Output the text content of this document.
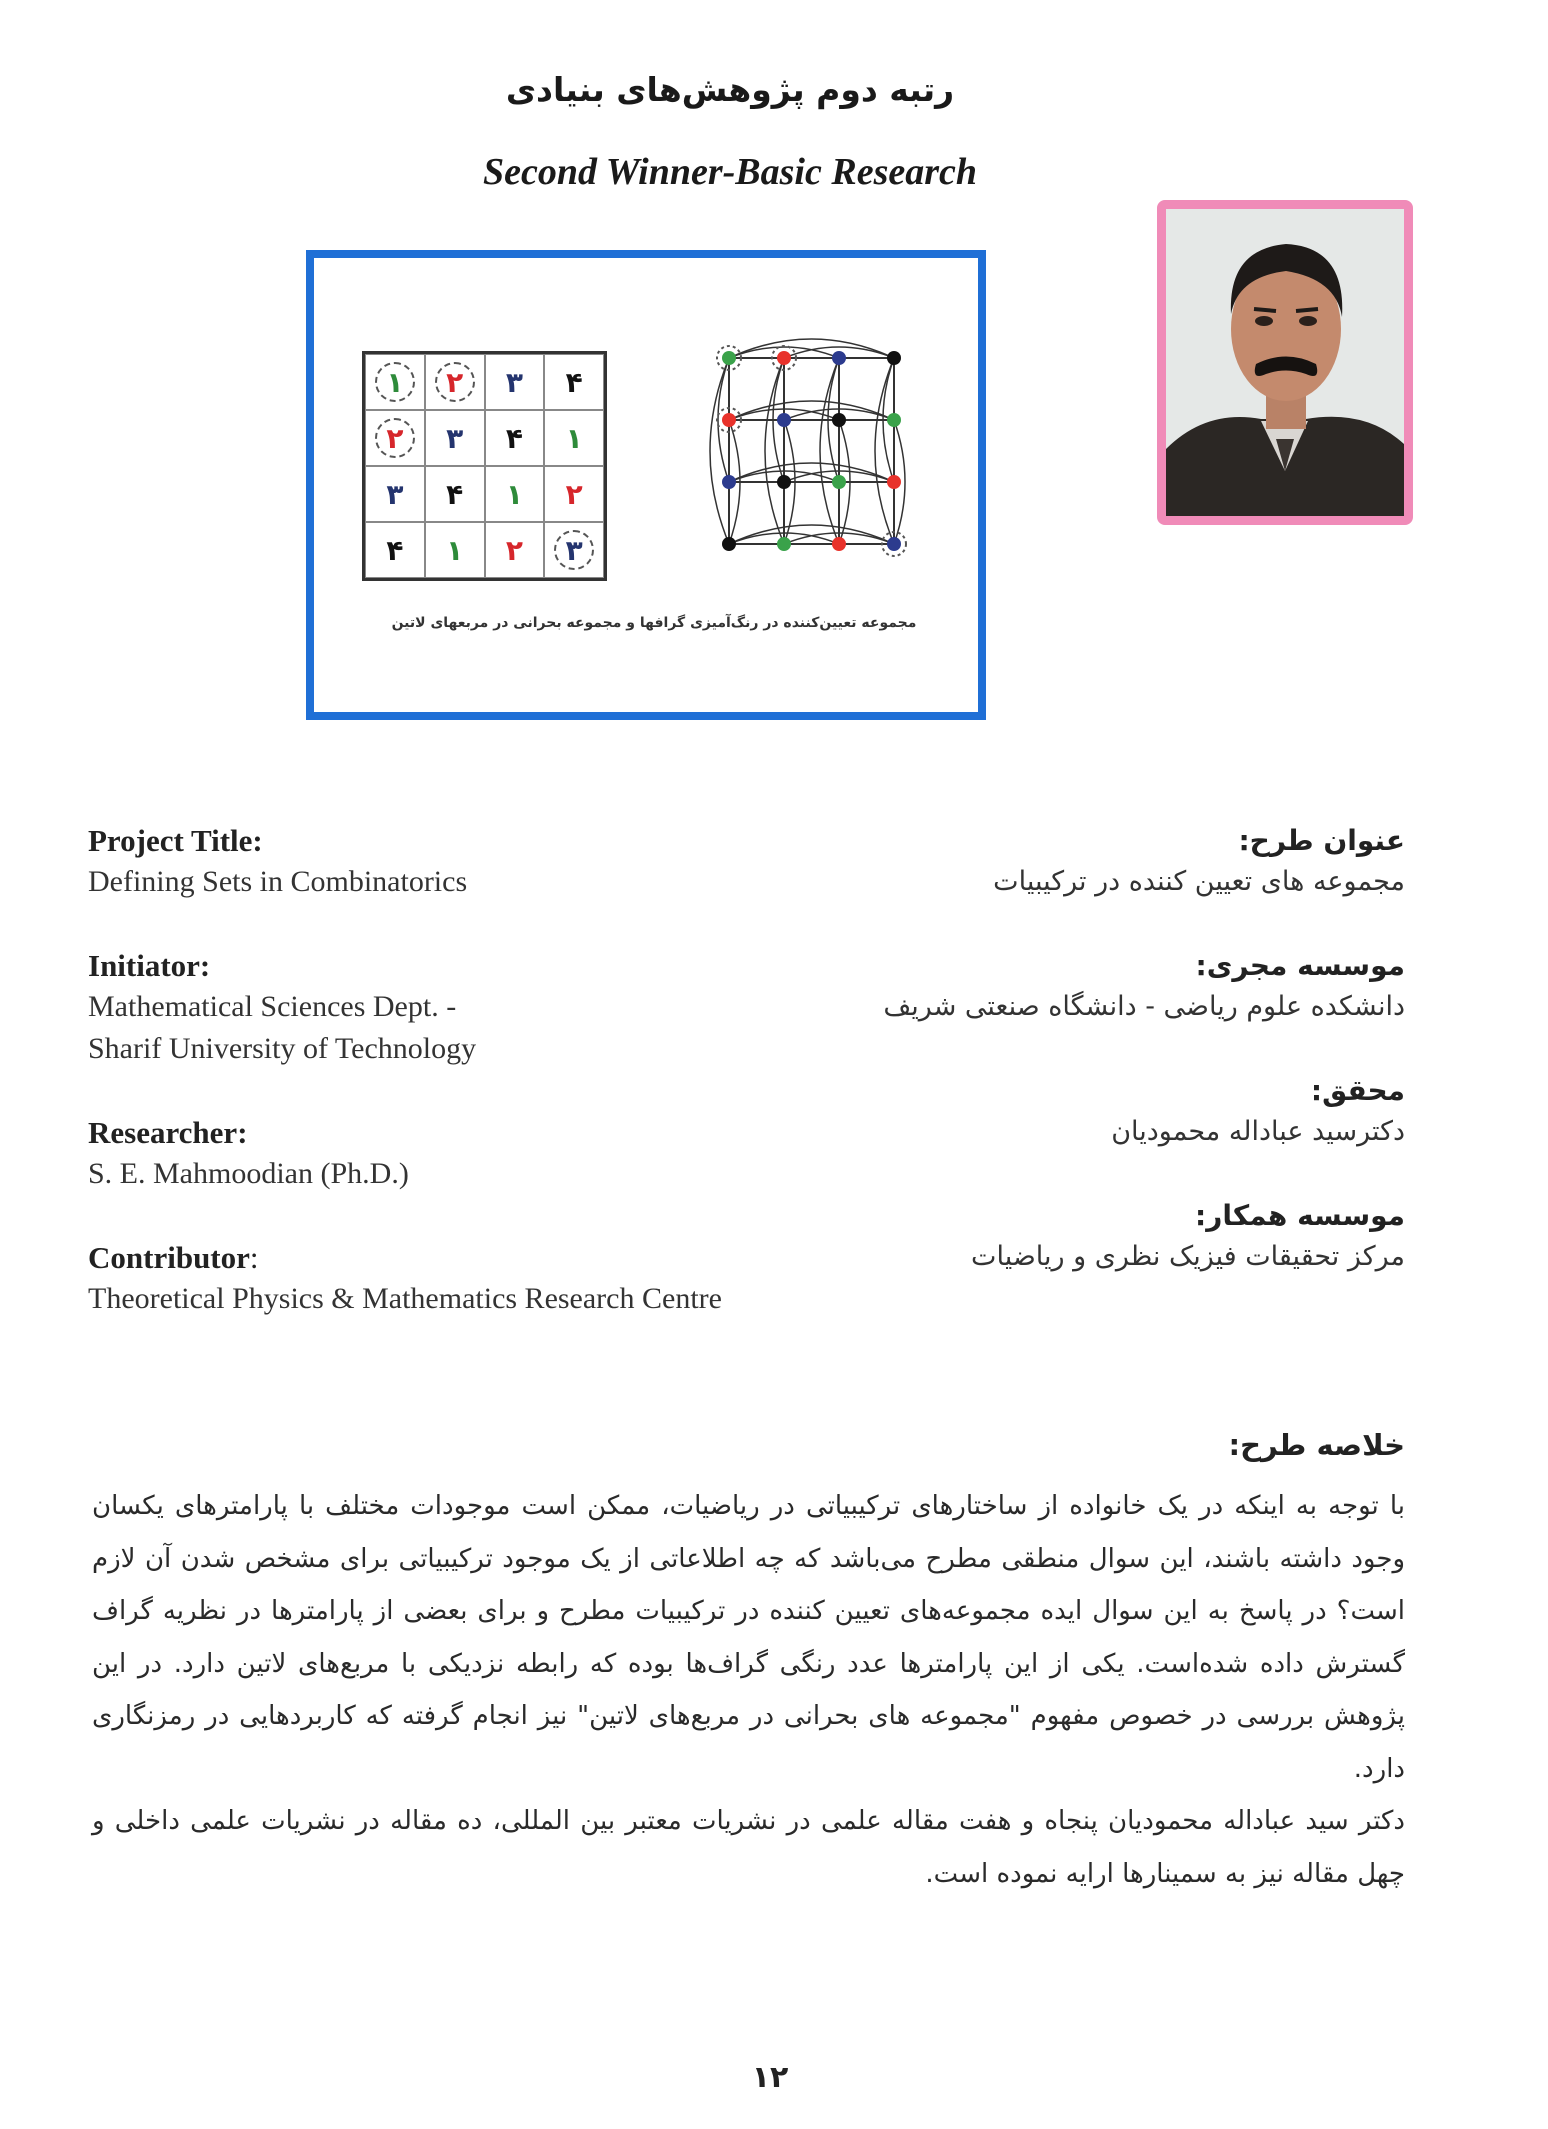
رتبه دوم پژوهش‌های بنیادی
Second Winner-Basic Research
۱	۲	۳ ۴
۲	۳ ۴ ۱
۳ ۴ ۱ ۲
۴ ۱ ۲	۳
مجموعه تعیین‌کننده در رنگ‌آمیزی گرافها و مجموعه بحرانی در مربعهای لاتین
Project Title:
Defining Sets in Combinatorics
Initiator:
Mathematical Sciences Dept. -
Sharif University of Technology
Researcher:
S. E. Mahmoodian (Ph.D.)
Contributor:
Theoretical Physics & Mathematics Research Centre
عنوان طرح:
مجموعه های تعیین کننده در ترکیبیات
موسسه مجری:
دانشکده علوم ریاضی - دانشگاه صنعتی شریف
محقق:
دکترسید عباداله محمودیان
موسسه همکار:
مرکز تحقیقات فیزیک نظری و ریاضیات
خلاصه طرح:

با توجه به اینکه در یک خانواده از ساختارهای ترکیبیاتی در ریاضیات، ممکن است موجودات مختلف با پارامترهای یکسان وجود داشته باشند، این سوال منطقی مطرح می‌باشد که چه اطلاعاتی از یک موجود ترکیبیاتی برای مشخص شدن آن لازم است؟ در پاسخ به این سوال ایده مجموعه‌های تعیین کننده در ترکیبیات مطرح و برای بعضی از پارامترها در نظریه گراف گسترش داده شده‌است. یکی از این پارامترها عدد رنگی گراف‌ها بوده که رابطه نزدیکی با مربع‌های لاتین دارد. در این پژوهش بررسی در خصوص مفهوم "مجموعه های بحرانی در مربع‌های لاتین" نیز انجام گرفته که کاربردهایی در رمزنگاری دارد.

دکتر سید عباداله محمودیان پنجاه و هفت مقاله علمی در نشریات معتبر بین المللی، ده مقاله در نشریات علمی داخلی و چهل مقاله نیز به سمینارها ارایه نموده است.

۱۲
